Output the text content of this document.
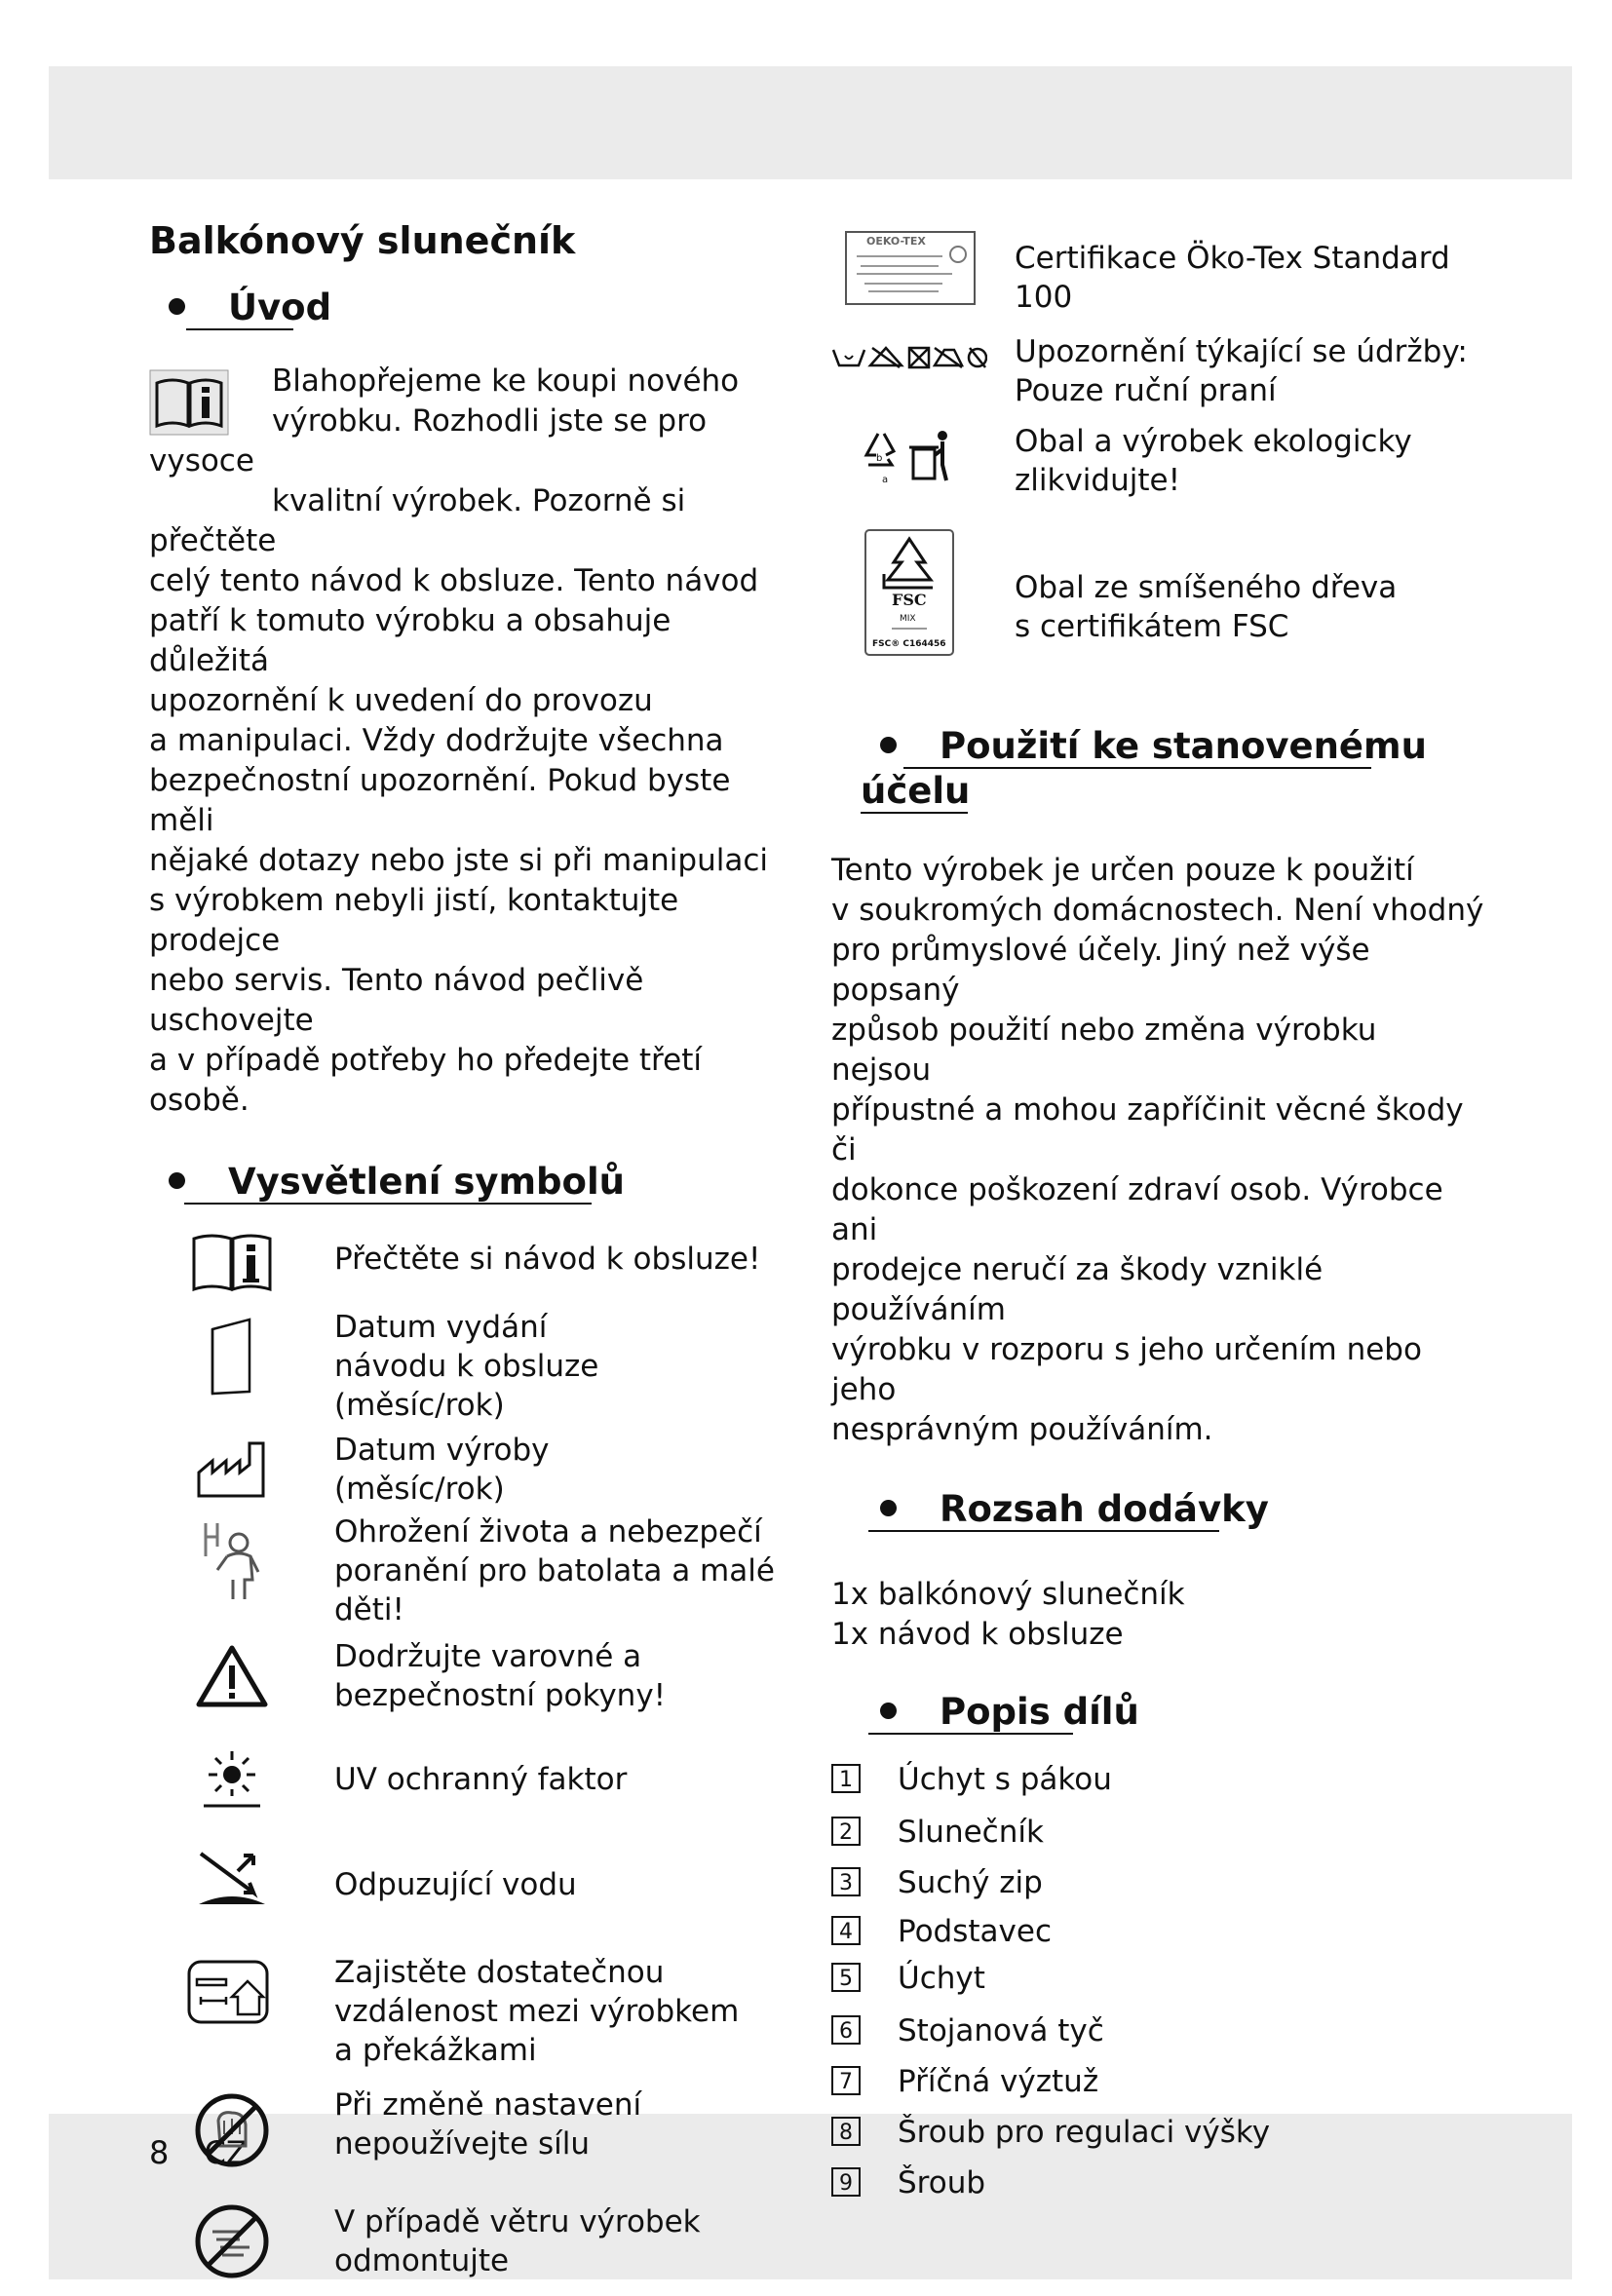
8 CZ
Balkónový slunečník
Úvod

Blahopřejeme ke koupi nového
výrobku. Rozhodli jste se pro vysoce
kvalitní výrobek. Pozorně si přečtěte
celý tento návod k obsluze. Tento návod
patří k tomuto výrobku a obsahuje důležitá
upozornění k uvedení do provozu
a manipulaci. Vždy dodržujte všechna
bezpečnostní upozornění. Pokud byste měli
nějaké dotazy nebo jste si při manipulaci
s výrobkem nebyli jistí, kontaktujte prodejce
nebo servis. Tento návod pečlivě uschovejte
a v případě potřeby ho předejte třetí osobě.

Vysvětlení symbolů
Přečtěte si návod k obsluze!
Datum vydání
návodu k obsluze
(měsíc/rok)
Datum výroby
(měsíc/rok)
Ohrožení života a nebezpečí
poranění pro batolata a malé
děti!
Dodržujte varovné a
bezpečnostní pokyny!
UV ochranný faktor
Odpuzující vodu
Zajistěte dostatečnou
vzdálenost mezi výrobkem
a překážkami
Při změně nastavení
nepoužívejte sílu
V případě větru výrobek
odmontujte
OEKO-TEX	Certifikace Öko-Tex Standard
100
Upozornění týkající se údržby:
Pouze ruční praní
b
a
Obal a výrobek ekologicky
zlikvidujte!
FSC
MIX
FSC® C164456
Obal ze smíšeného dřeva
s certifikátem FSC
Použití ke stanovenému
účelu

Tento výrobek je určen pouze k použití
v soukromých domácnostech. Není vhodný
pro průmyslové účely. Jiný než výše popsaný
způsob použití nebo změna výrobku nejsou
přípustné a mohou zapříčinit věcné škody či
dokonce poškození zdraví osob. Výrobce ani
prodejce neručí za škody vzniklé používáním
výrobku v rozporu s jeho určením nebo jeho
nesprávným používáním.

Rozsah dodávky

1x balkónový slunečník
1x návod k obsluze

Popis dílů
1 Úchyt s pákou
2 Slunečník
3 Suchý zip
4 Podstavec
5 Úchyt
6 Stojanová tyč
7 Příčná výztuž
8 Šroub pro regulaci výšky
9 Šroub
